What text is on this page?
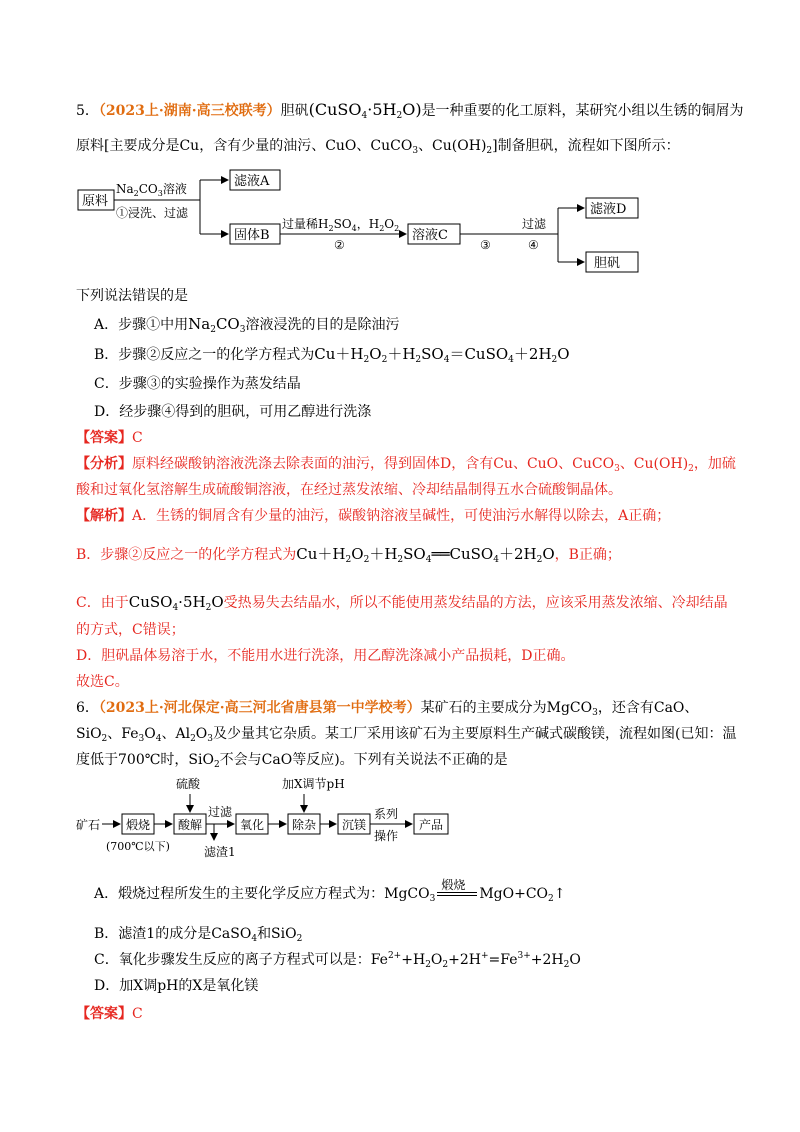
5．（2023上·湖南·高三校联考）胆矾$(CuSO_4\cdot 5H_2O)$是一种重要的化工原料，某研究小组以生锈的铜屑为
原料[主要成分是Cu，含有少量的油污、CuO、CuCO$_3$、$Cu(OH)_2$]制备胆矾，流程如下图所示：
原料
$Na_2CO_3$溶液
①浸洗、过滤
滤液A
固体B
过量稀$H_2SO_4$，$H_2O_2$
②
溶液C
③
过滤
④
滤液D
胆矾
下列说法错误的是
A．步骤①中用$Na_2CO_3$溶液浸洗的目的是除油污
B．步骤②反应之一的化学方程式为$Cu+H_2O_2+H_2SO_4=CuSO_4+2H_2O$
C．步骤③的实验操作为蒸发结晶
D．经步骤④得到的胆矾，可用乙醇进行洗涤
【答案】C
【分析】原料经碳酸钠溶液洗涤去除表面的油污，得到固体D，含有Cu、CuO、CuCO$_3$、$Cu(OH)_2$，加硫
酸和过氧化氢溶解生成硫酸铜溶液，在经过蒸发浓缩、冷却结晶制得五水合硫酸铜晶体。
【解析】A．生锈的铜屑含有少量的油污，碳酸钠溶液呈碱性，可使油污水解得以除去，A正确；
B．步骤②反应之一的化学方程式为$Cu+H_2O_2+H_2SO_4══CuSO_4+2H_2O$，B正确；
C．由于$CuSO_4\cdot 5H_2O$受热易失去结晶水，所以不能使用蒸发结晶的方法，应该采用蒸发浓缩、冷却结晶
的方式，C错误；
D．胆矾晶体易溶于水，不能用水进行洗涤，用乙醇洗涤减小产品损耗，D正确。
故选C。
6．（2023上·河北保定·高三河北省唐县第一中学校考）某矿石的主要成分为MgCO$_3$，还含有CaO、
SiO$_2$、$Fe_3O_4$、$Al_2O_3$及少量其它杂质。某工厂采用该矿石为主要原料生产碱式碳酸镁，流程如图(已知：温
度低于700℃时，SiO$_2$不会与CaO等反应)。下列有关说法不正确的是
矿石 煅烧
(700℃以下)
硫酸
酸解
过滤
滤渣1
氧化
加X调节pH
除杂 沉镁
系列
操作
产品
A．煅烧过程所发生的主要化学反应方程式为：MgCO$_3$
煅烧
$MgO+CO_2↑$
B．滤渣1的成分是CaSO$_4$和SiO$_2$
C．氧化步骤发生反应的离子方程式可以是：$Fe^{2+}+H_2O_2+2H^+=Fe^{3+}+2H_2O$
D．加X调pH的X是氧化镁
【答案】C
